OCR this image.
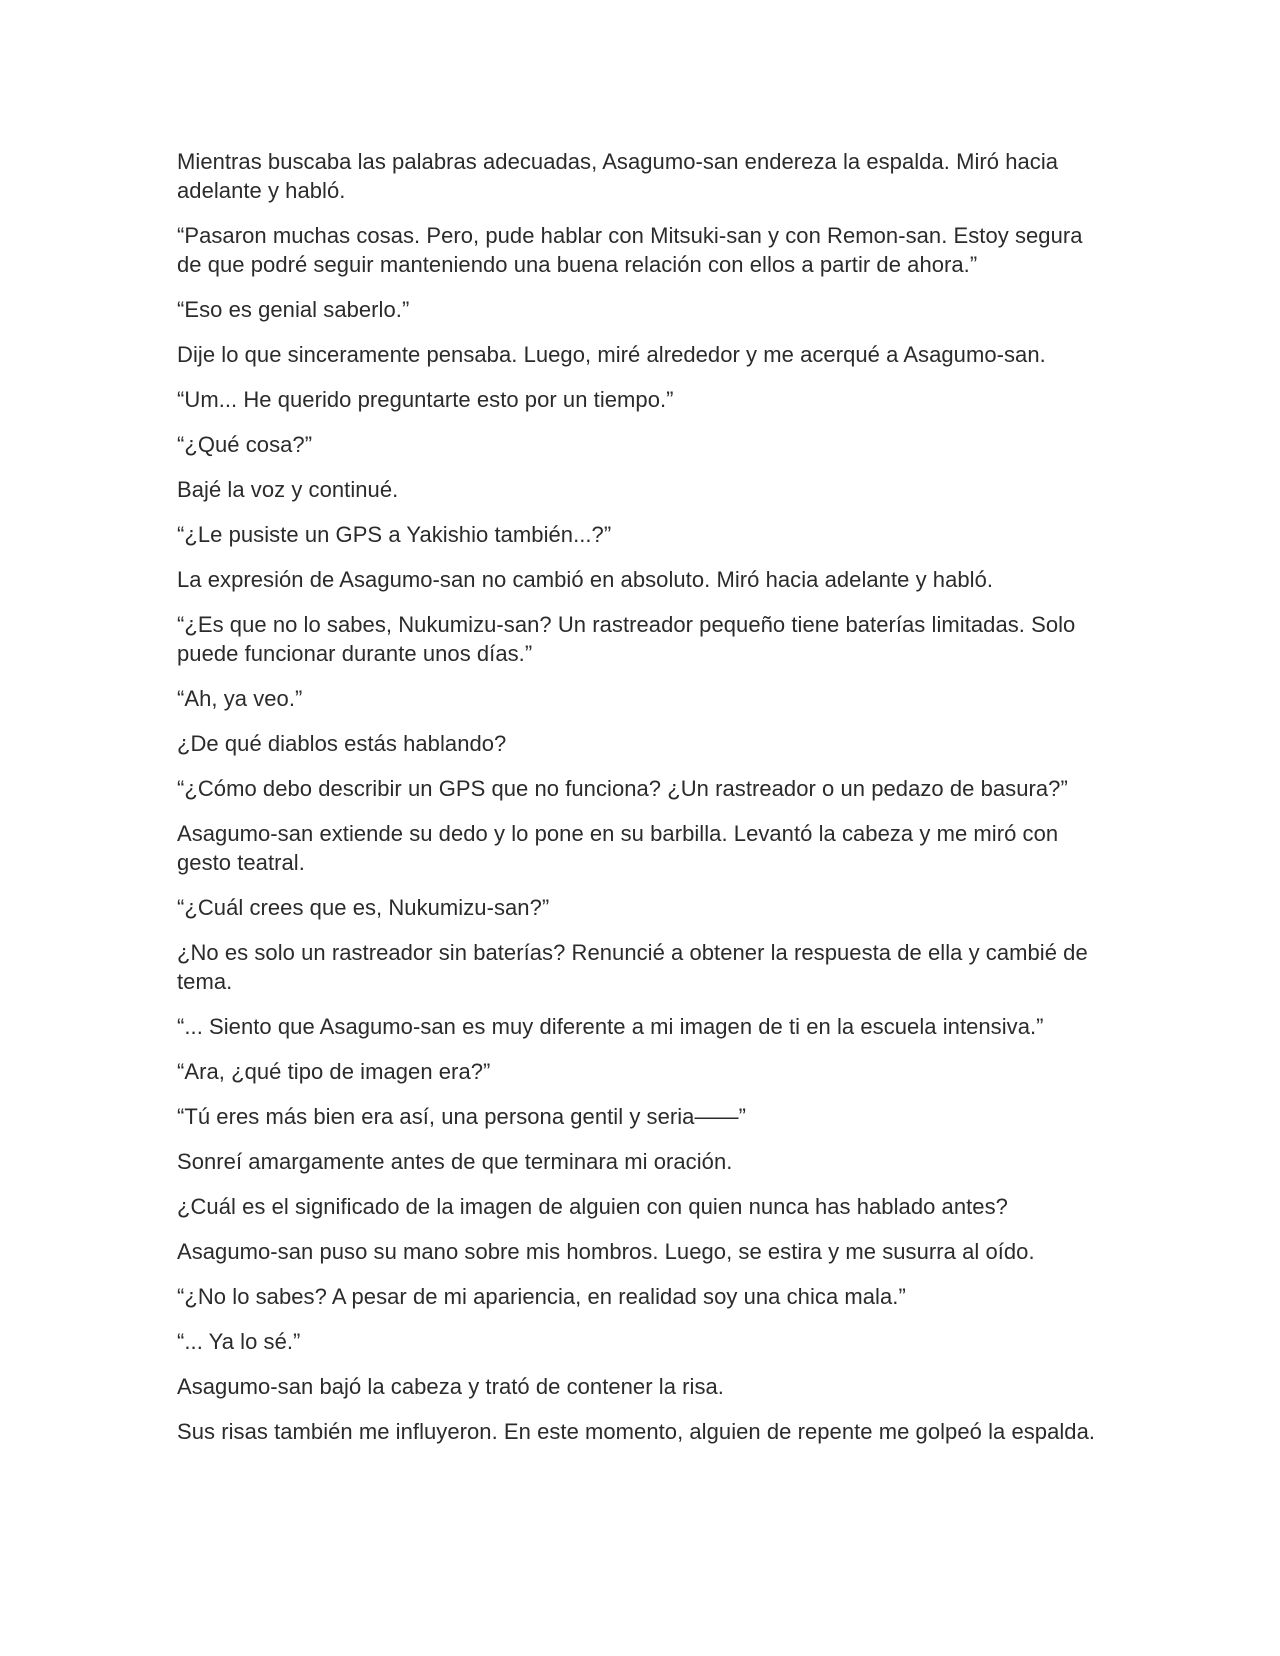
Mientras buscaba las palabras adecuadas, Asagumo-san endereza la espalda. Miró hacia adelante y habló.

“Pasaron muchas cosas. Pero, pude hablar con Mitsuki-san y con Remon-san. Estoy segura de que podré seguir manteniendo una buena relación con ellos a partir de ahora.”

“Eso es genial saberlo.”

Dije lo que sinceramente pensaba. Luego, miré alrededor y me acerqué a Asagumo-san.

“Um... He querido preguntarte esto por un tiempo.”

“¿Qué cosa?”

Bajé la voz y continué.

“¿Le pusiste un GPS a Yakishio también...?”

La expresión de Asagumo-san no cambió en absoluto. Miró hacia adelante y habló.

“¿Es que no lo sabes, Nukumizu-san? Un rastreador pequeño tiene baterías limitadas. Solo puede funcionar durante unos días.”

“Ah, ya veo.”

¿De qué diablos estás hablando?

“¿Cómo debo describir un GPS que no funciona? ¿Un rastreador o un pedazo de basura?”

Asagumo-san extiende su dedo y lo pone en su barbilla. Levantó la cabeza y me miró con gesto teatral.

“¿Cuál crees que es, Nukumizu-san?”

¿No es solo un rastreador sin baterías? Renuncié a obtener la respuesta de ella y cambié de tema.

“... Siento que Asagumo-san es muy diferente a mi imagen de ti en la escuela intensiva.”

“Ara, ¿qué tipo de imagen era?”

“Tú eres más bien era así, una persona gentil y seria——”

Sonreí amargamente antes de que terminara mi oración.

¿Cuál es el significado de la imagen de alguien con quien nunca has hablado antes?

Asagumo-san puso su mano sobre mis hombros. Luego, se estira y me susurra al oído.

“¿No lo sabes? A pesar de mi apariencia, en realidad soy una chica mala.”

“... Ya lo sé.”

Asagumo-san bajó la cabeza y trató de contener la risa.

Sus risas también me influyeron. En este momento, alguien de repente me golpeó la espalda.
